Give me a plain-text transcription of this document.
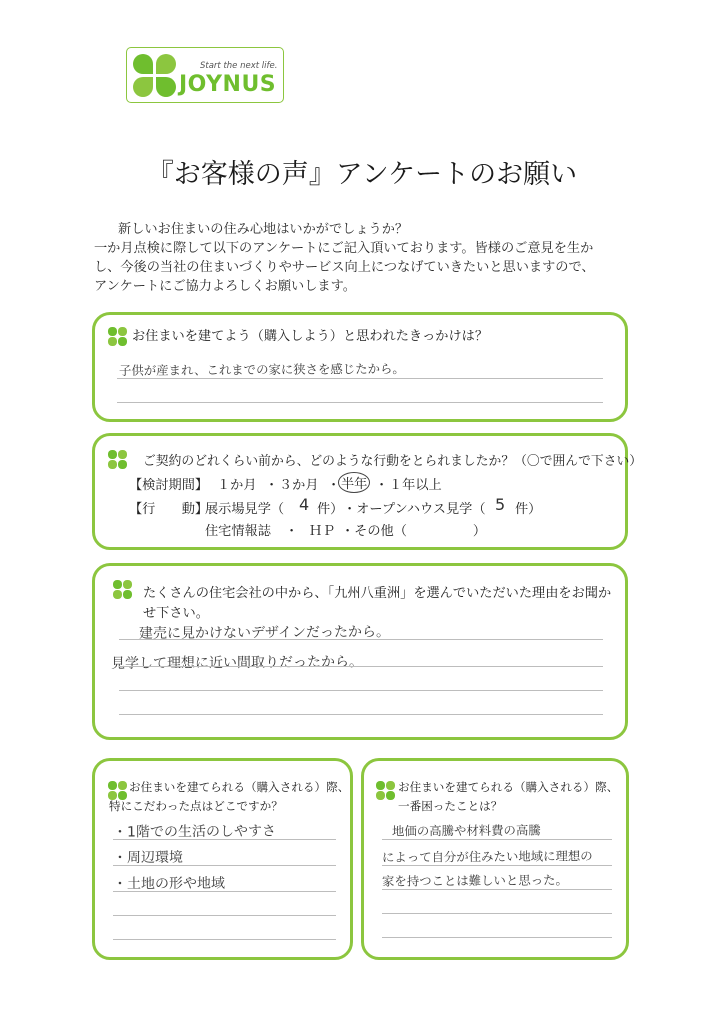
Start the next life.
JOYNUS
『お客様の声』アンケートのお願い
新しいお住まいの住み心地はいかがでしょうか？
一か月点検に際して以下のアンケートにご記入頂いております。皆様のご意見を生か
し、今後の当社の住まいづくりやサービス向上につなげていきたいと思いますので、
アンケートにご協力よろしくお願いします。
お住まいを建てよう（購入しよう）と思われたきっかけは？
子供が産まれ、これまでの家に狭さを感じたから。
ご契約のどれくらい前から、どのような行動をとられましたか？（〇で囲んで下さい）
【検討期間】 １か月 ・ ３か月 ・ 半年 ・ １年以上
【行　　動】
展示場見学（ 4 件） ・オープンハウス見学（ 5 件）
住宅情報誌 ・ ＨＰ ・その他（　　　　　）
たくさんの住宅会社の中から、「九州八重洲」を選んでいただいた理由をお聞か
せ下さい。
建売に見かけないデザインだったから。
見学して理想に近い間取りだったから。
お住まいを建てられる（購入される）際、
特にこだわった点はどこですか？
・1階での生活のしやすさ
・周辺環境
・土地の形や地域
お住まいを建てられる（購入される）際、
一番困ったことは？
地価の高騰や材料費の高騰
によって自分が住みたい地域に理想の
家を持つことは難しいと思った。
